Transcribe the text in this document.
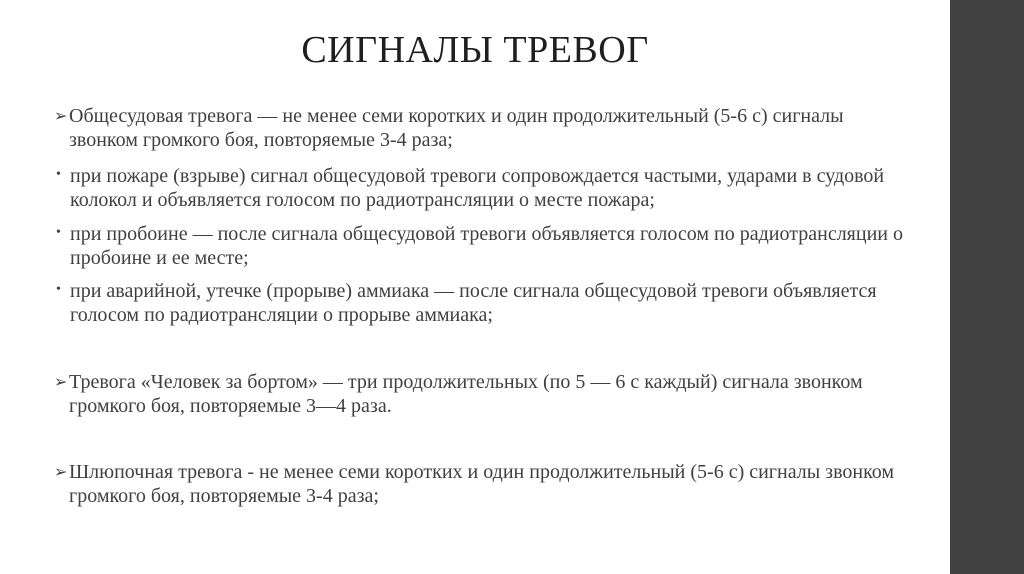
СИГНАЛЫ ТРЕВОГ
➢ Общесудовая тревога — не менее семи коротких и один продолжительный (5-6 с) сигналы звонком громкого боя, повторяемые 3-4 раза;
• при пожаре (взрыве) сигнал общесудовой тревоги сопровождается частыми, ударами в судовой колокол и объявляется голосом по радиотрансляции о месте пожара;
• при пробоине — после сигнала общесудовой тревоги объявляется голосом по радиотрансляции о пробоине и ее месте;
• при аварийной, утечке (прорыве) аммиака — после сигнала общесудовой тревоги объявляется голосом по радиотрансляции о прорыве аммиака;
➢ Тревога «Человек за бортом» — три продолжительных (по 5 — 6 с каждый) сигнала звонком громкого боя, повторяемые 3—4 раза.
➢ Шлюпочная тревога - не менее семи коротких и один продолжительный (5-6 с) сигналы звонком громкого боя, повторяемые 3-4 раза;
